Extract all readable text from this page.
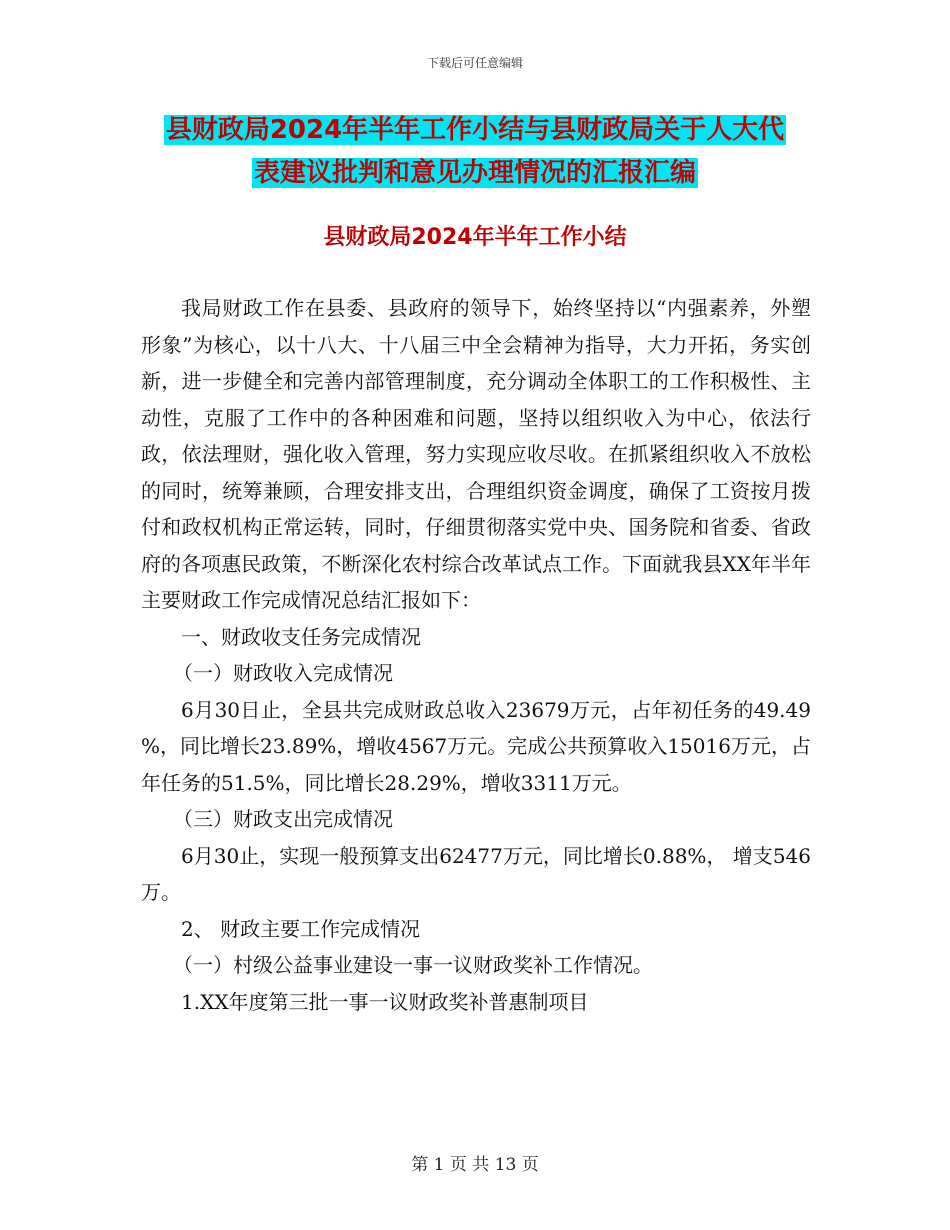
下载后可任意编辑
县财政局2024年半年工作小结与县财政局关于人大代
表建议批判和意见办理情况的汇报汇编
县财政局2024年半年工作小结

我局财政工作在县委、县政府的领导下，始终坚持以“内强素养，外塑形象”为核心，以十八大、十八届三中全会精神为指导，大力开拓，务实创新，进一步健全和完善内部管理制度，充分调动全体职工的工作积极性、主动性，克服了工作中的各种困难和问题，坚持以组织收入为中心，依法行政，依法理财，强化收入管理，努力实现应收尽收。在抓紧组织收入不放松的同时，统筹兼顾，合理安排支出，合理组织资金调度，确保了工资按月拨付和政权机构正常运转，同时，仔细贯彻落实党中央、国务院和省委、省政府的各项惠民政策，不断深化农村综合改革试点工作。下面就我县XX年半年主要财政工作完成情况总结汇报如下：

一、财政收支任务完成情况

（一）财政收入完成情况

6月30日止，全县共完成财政总收入23679万元，占年初任务的49.49 %，同比增长23.89%，增收4567万元。完成公共预算收入15016万元，占年任务的51.5%，同比增长28.29%，增收3311万元。

（三）财政支出完成情况

6月30止，实现一般预算支出62477万元，同比增长0.88%， 增支546万。

2、 财政主要工作完成情况

（一）村级公益事业建设一事一议财政奖补工作情况。

1.XX年度第三批一事一议财政奖补普惠制项目

第 1 页 共 13 页
